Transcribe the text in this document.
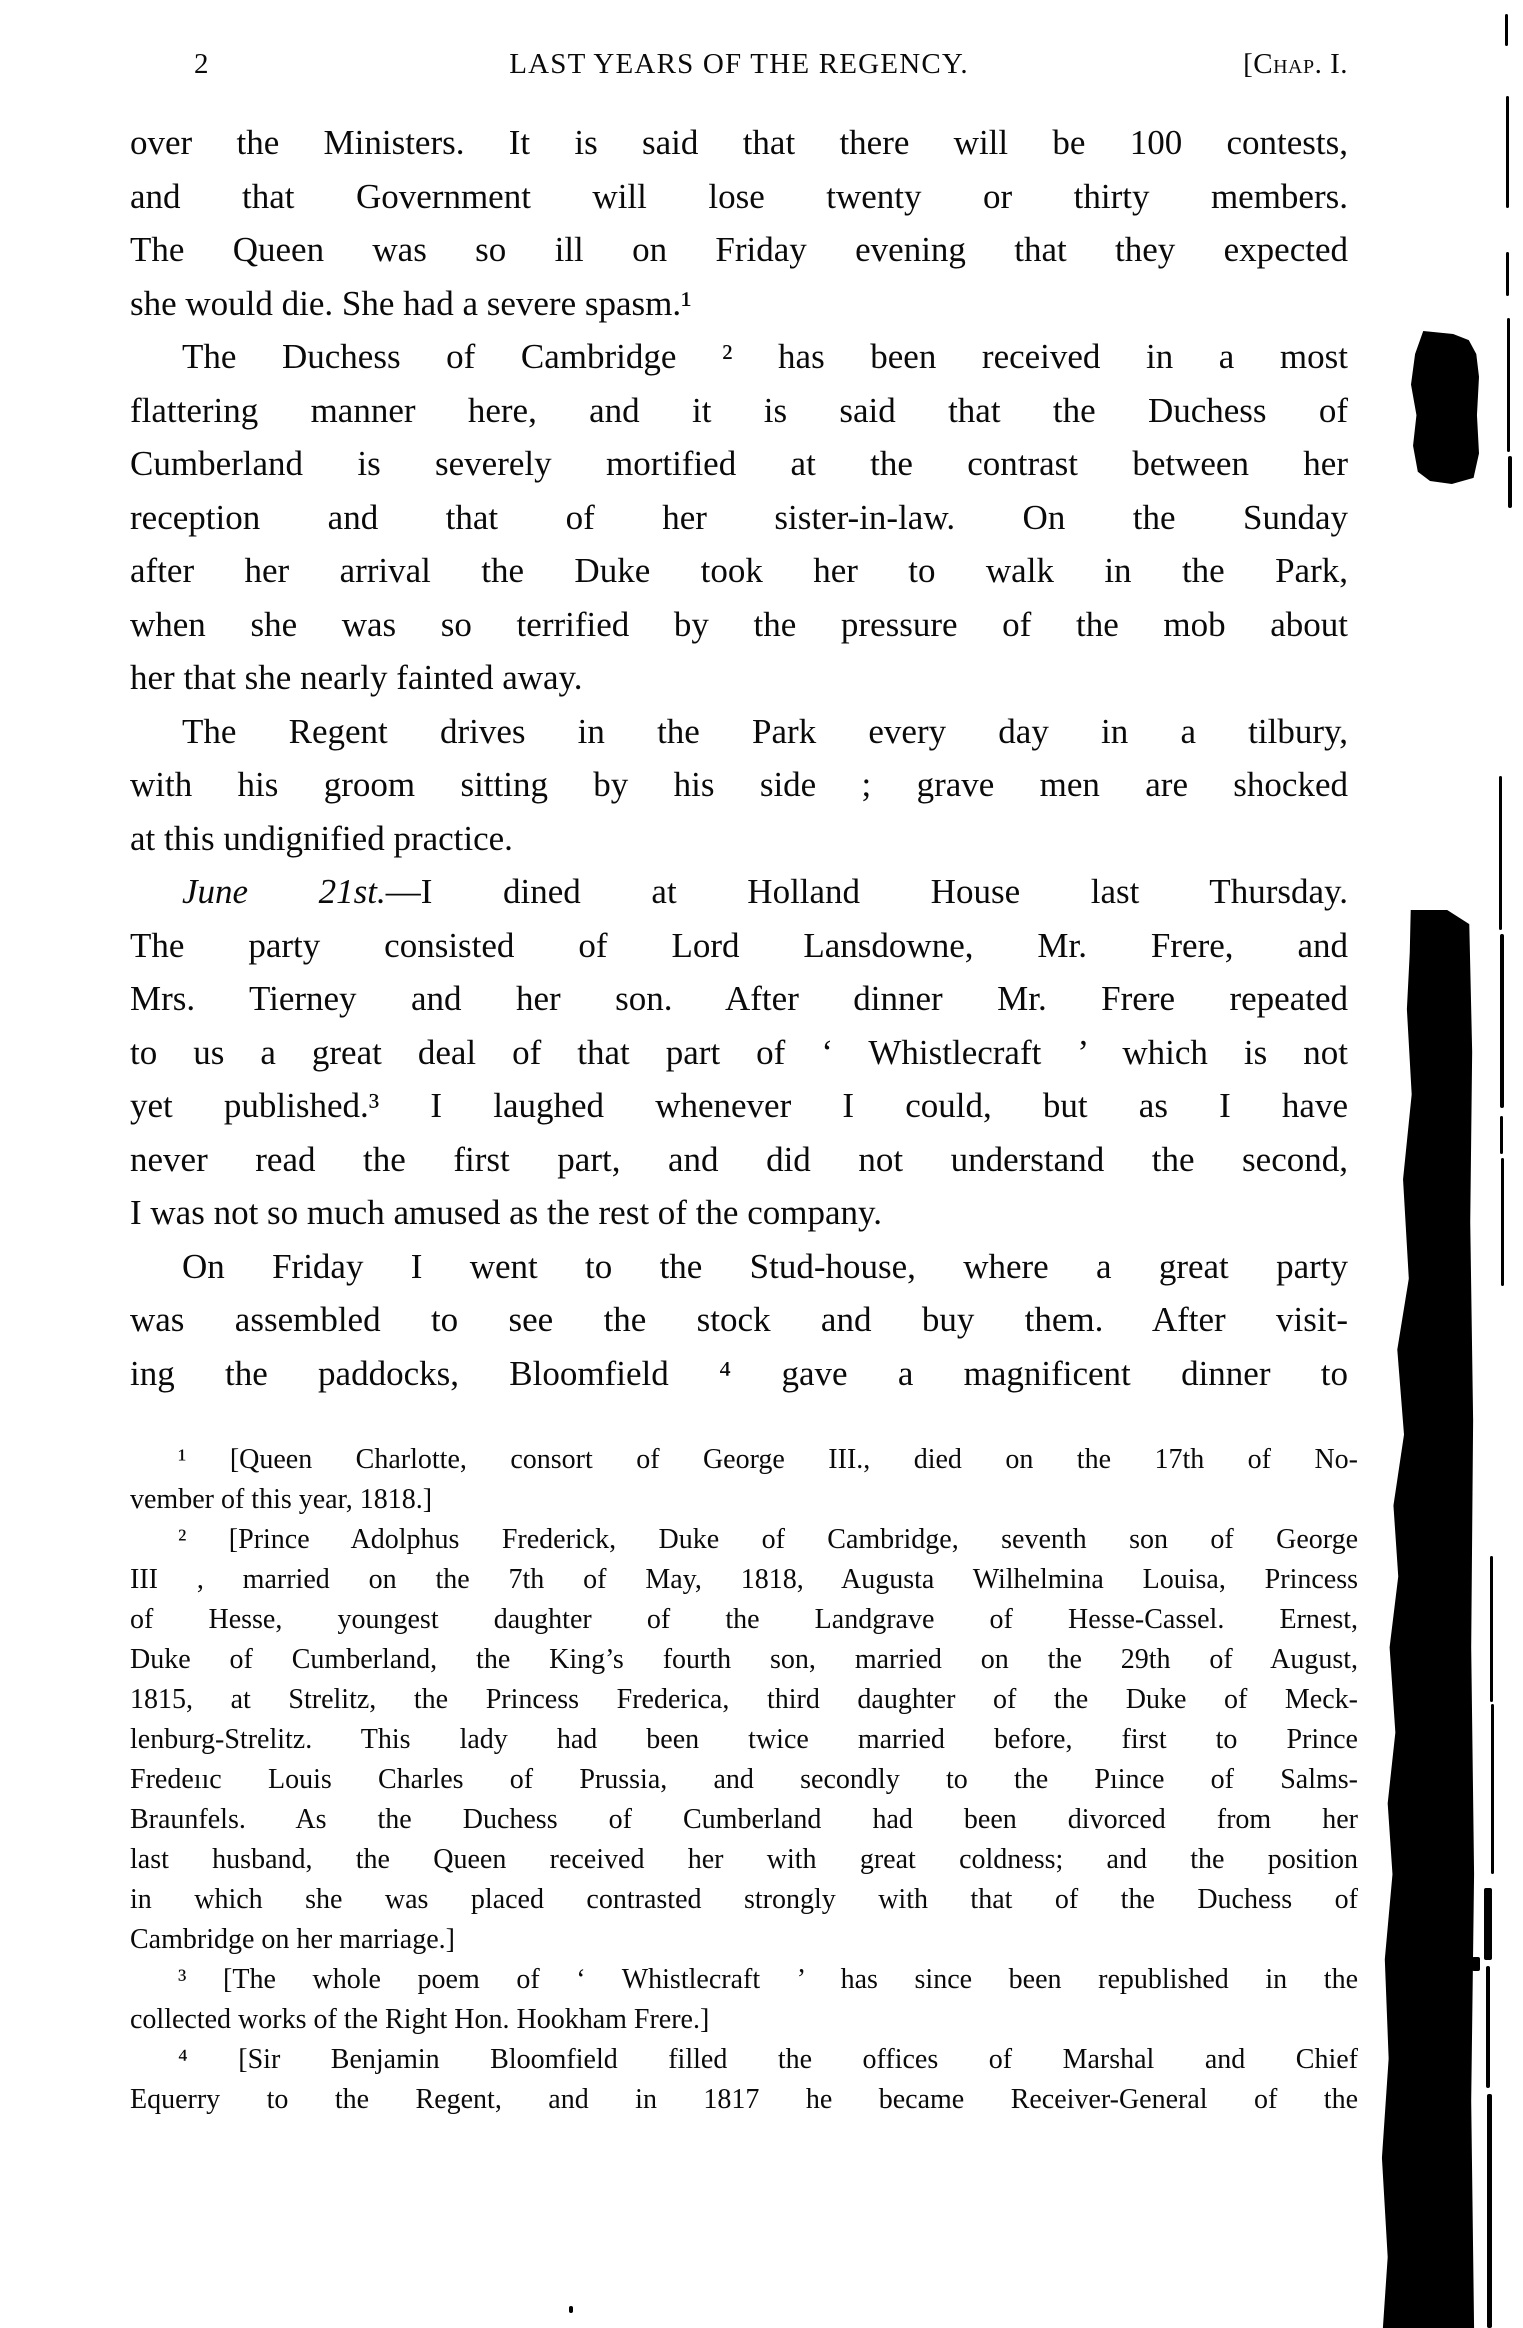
2	LAST YEARS OF THE REGENCY.	[Chap. I.
over the Ministers. It is said that there will be 100 contests,
and that Government will lose twenty or thirty members.
The Queen was so ill on Friday evening that they expected
she would die. She had a severe spasm.¹
The Duchess of Cambridge ² has been received in a most
flattering manner here, and it is said that the Duchess of
Cumberland is severely mortified at the contrast between her
reception and that of her sister-in-law. On the Sunday
after her arrival the Duke took her to walk in the Park,
when she was so terrified by the pressure of the mob about
her that she nearly fainted away.
The Regent drives in the Park every day in a tilbury,
with his groom sitting by his side ; grave men are shocked
at this undignified practice.
June 21st.—I dined at Holland House last Thursday.
The party consisted of Lord Lansdowne, Mr. Frere, and
Mrs. Tierney and her son. After dinner Mr. Frere repeated
to us a great deal of that part of ‘ Whistlecraft ’ which is not
yet published.³ I laughed whenever I could, but as I have
never read the first part, and did not understand the second,
I was not so much amused as the rest of the company.
On Friday I went to the Stud-house, where a great party
was assembled to see the stock and buy them. After visit-
ing the paddocks, Bloomfield ⁴ gave a magnificent dinner to
¹ [Queen Charlotte, consort of George III., died on the 17th of No-
vember of this year, 1818.]
² [Prince Adolphus Frederick, Duke of Cambridge, seventh son of George
III , married on the 7th of May, 1818, Augusta Wilhelmina Louisa, Princess
of Hesse, youngest daughter of the Landgrave of Hesse-Cassel. Ernest,
Duke of Cumberland, the King’s fourth son, married on the 29th of August,
1815, at Strelitz, the Princess Frederica, third daughter of the Duke of Meck-
lenburg-Strelitz. This lady had been twice married before, first to Prince
Fredeııc Louis Charles of Prussia, and secondly to the Pıince of Salms-
Braunfels. As the Duchess of Cumberland had been divorced from her
last husband, the Queen received her with great coldness; and the position
in which she was placed contrasted strongly with that of the Duchess of
Cambridge on her marriage.]
³ [The whole poem of ‘ Whistlecraft ’ has since been republished in the
collected works of the Right Hon. Hookham Frere.]
⁴ [Sir Benjamin Bloomfield filled the offices of Marshal and Chief
Equerry to the Regent, and in 1817 he became Receiver-General of the
